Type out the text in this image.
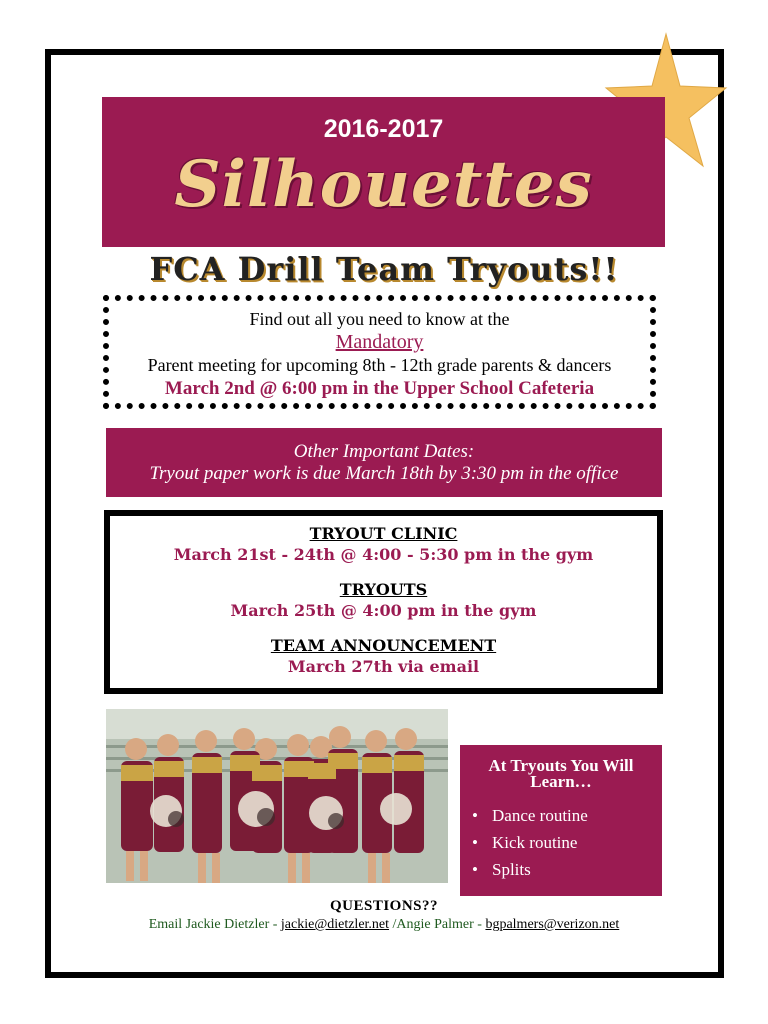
2016-2017
Silhouettes
FCA Drill Team Tryouts!!
Find out all you need to know at the
Mandatory
Parent meeting for upcoming 8th - 12th grade parents & dancers
March 2nd @ 6:00 pm in the Upper School Cafeteria
Other Important Dates:
Tryout paper work is due March 18th by 3:30 pm in the office
TRYOUT CLINIC
March 21st - 24th @ 4:00 - 5:30 pm in the gym
TRYOUTS
March 25th @ 4:00 pm in the gym
TEAM ANNOUNCEMENT
March 27th via email
At Tryouts You Will Learn…
• Dance routine
• Kick routine
• Splits
QUESTIONS??
Email Jackie Dietzler - jackie@dietzler.net /Angie Palmer - bgpalmers@verizon.net
